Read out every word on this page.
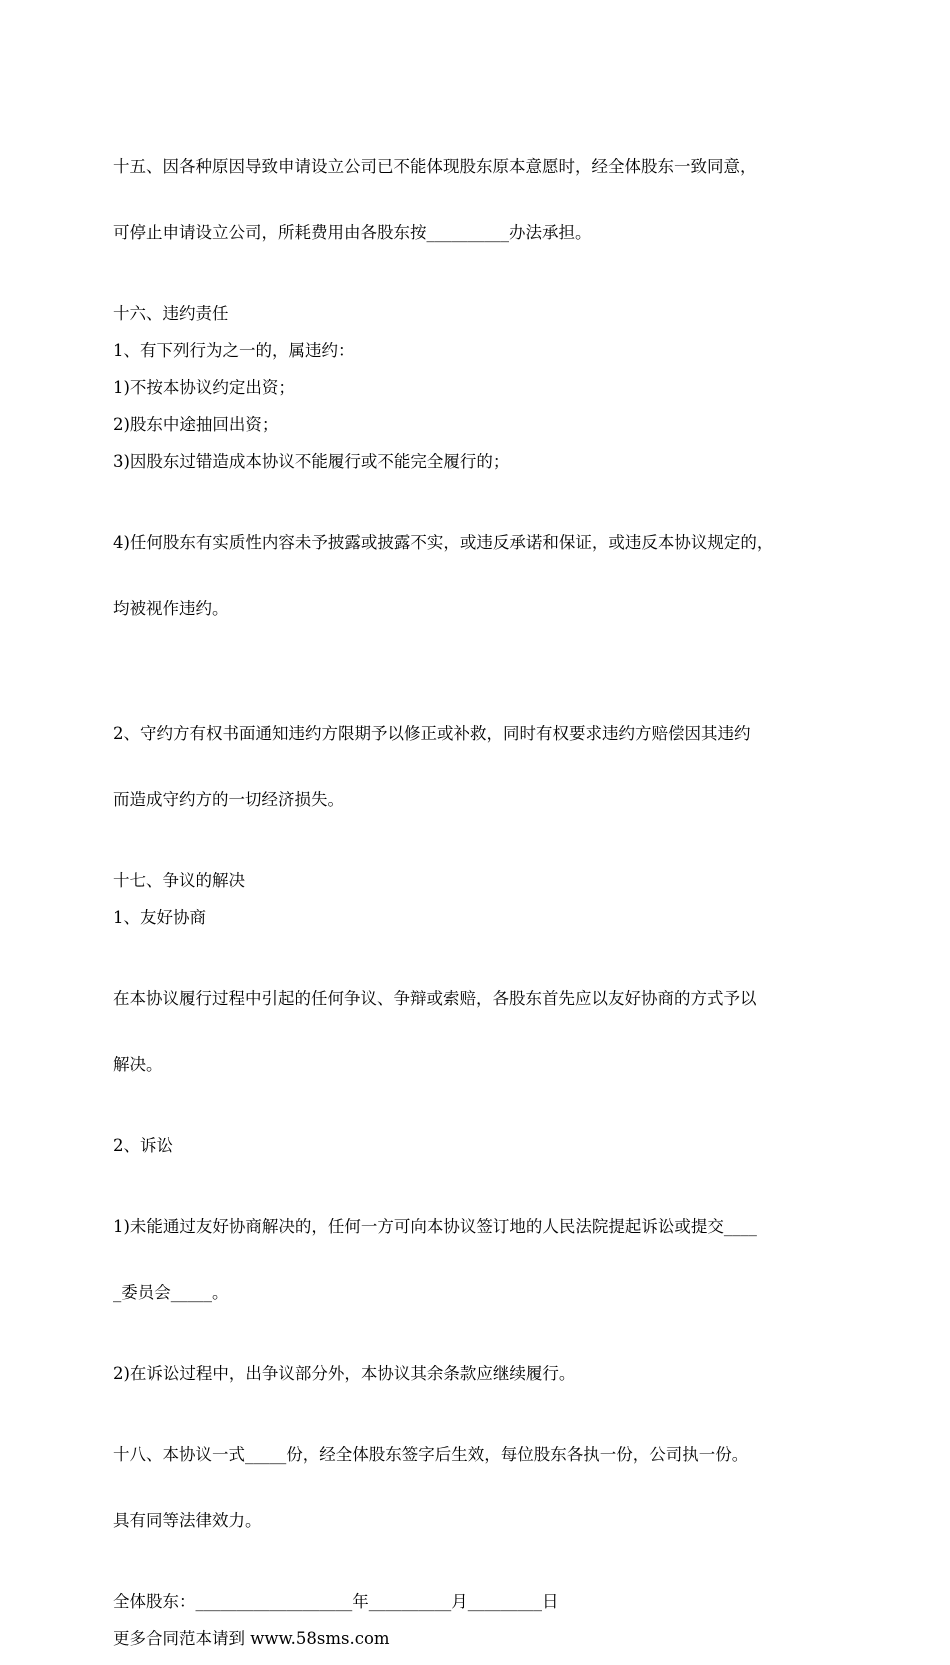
十五、因各种原因导致申请设立公司已不能体现股东原本意愿时，经全体股东一致同意，

可停止申请设立公司，所耗费用由各股东按__________办法承担。

十六、违约责任

1、有下列行为之一的，属违约：

1)不按本协议约定出资；

2)股东中途抽回出资；

3)因股东过错造成本协议不能履行或不能完全履行的；

4)任何股东有实质性内容未予披露或披露不实，或违反承诺和保证，或违反本协议规定的，

均被视作违约。

2、守约方有权书面通知违约方限期予以修正或补救，同时有权要求违约方赔偿因其违约

而造成守约方的一切经济损失。

十七、争议的解决

1、友好协商

在本协议履行过程中引起的任何争议、争辩或索赔，各股东首先应以友好协商的方式予以

解决。

2、诉讼

1)未能通过友好协商解决的，任何一方可向本协议签订地的人民法院提起诉讼或提交____

_委员会_____。

2)在诉讼过程中，出争议部分外，本协议其余条款应继续履行。

十八、本协议一式_____份，经全体股东签字后生效，每位股东各执一份，公司执一份。

具有同等法律效力。

全体股东：___________________年__________月_________日

更多合同范本请到 www.58sms.com
